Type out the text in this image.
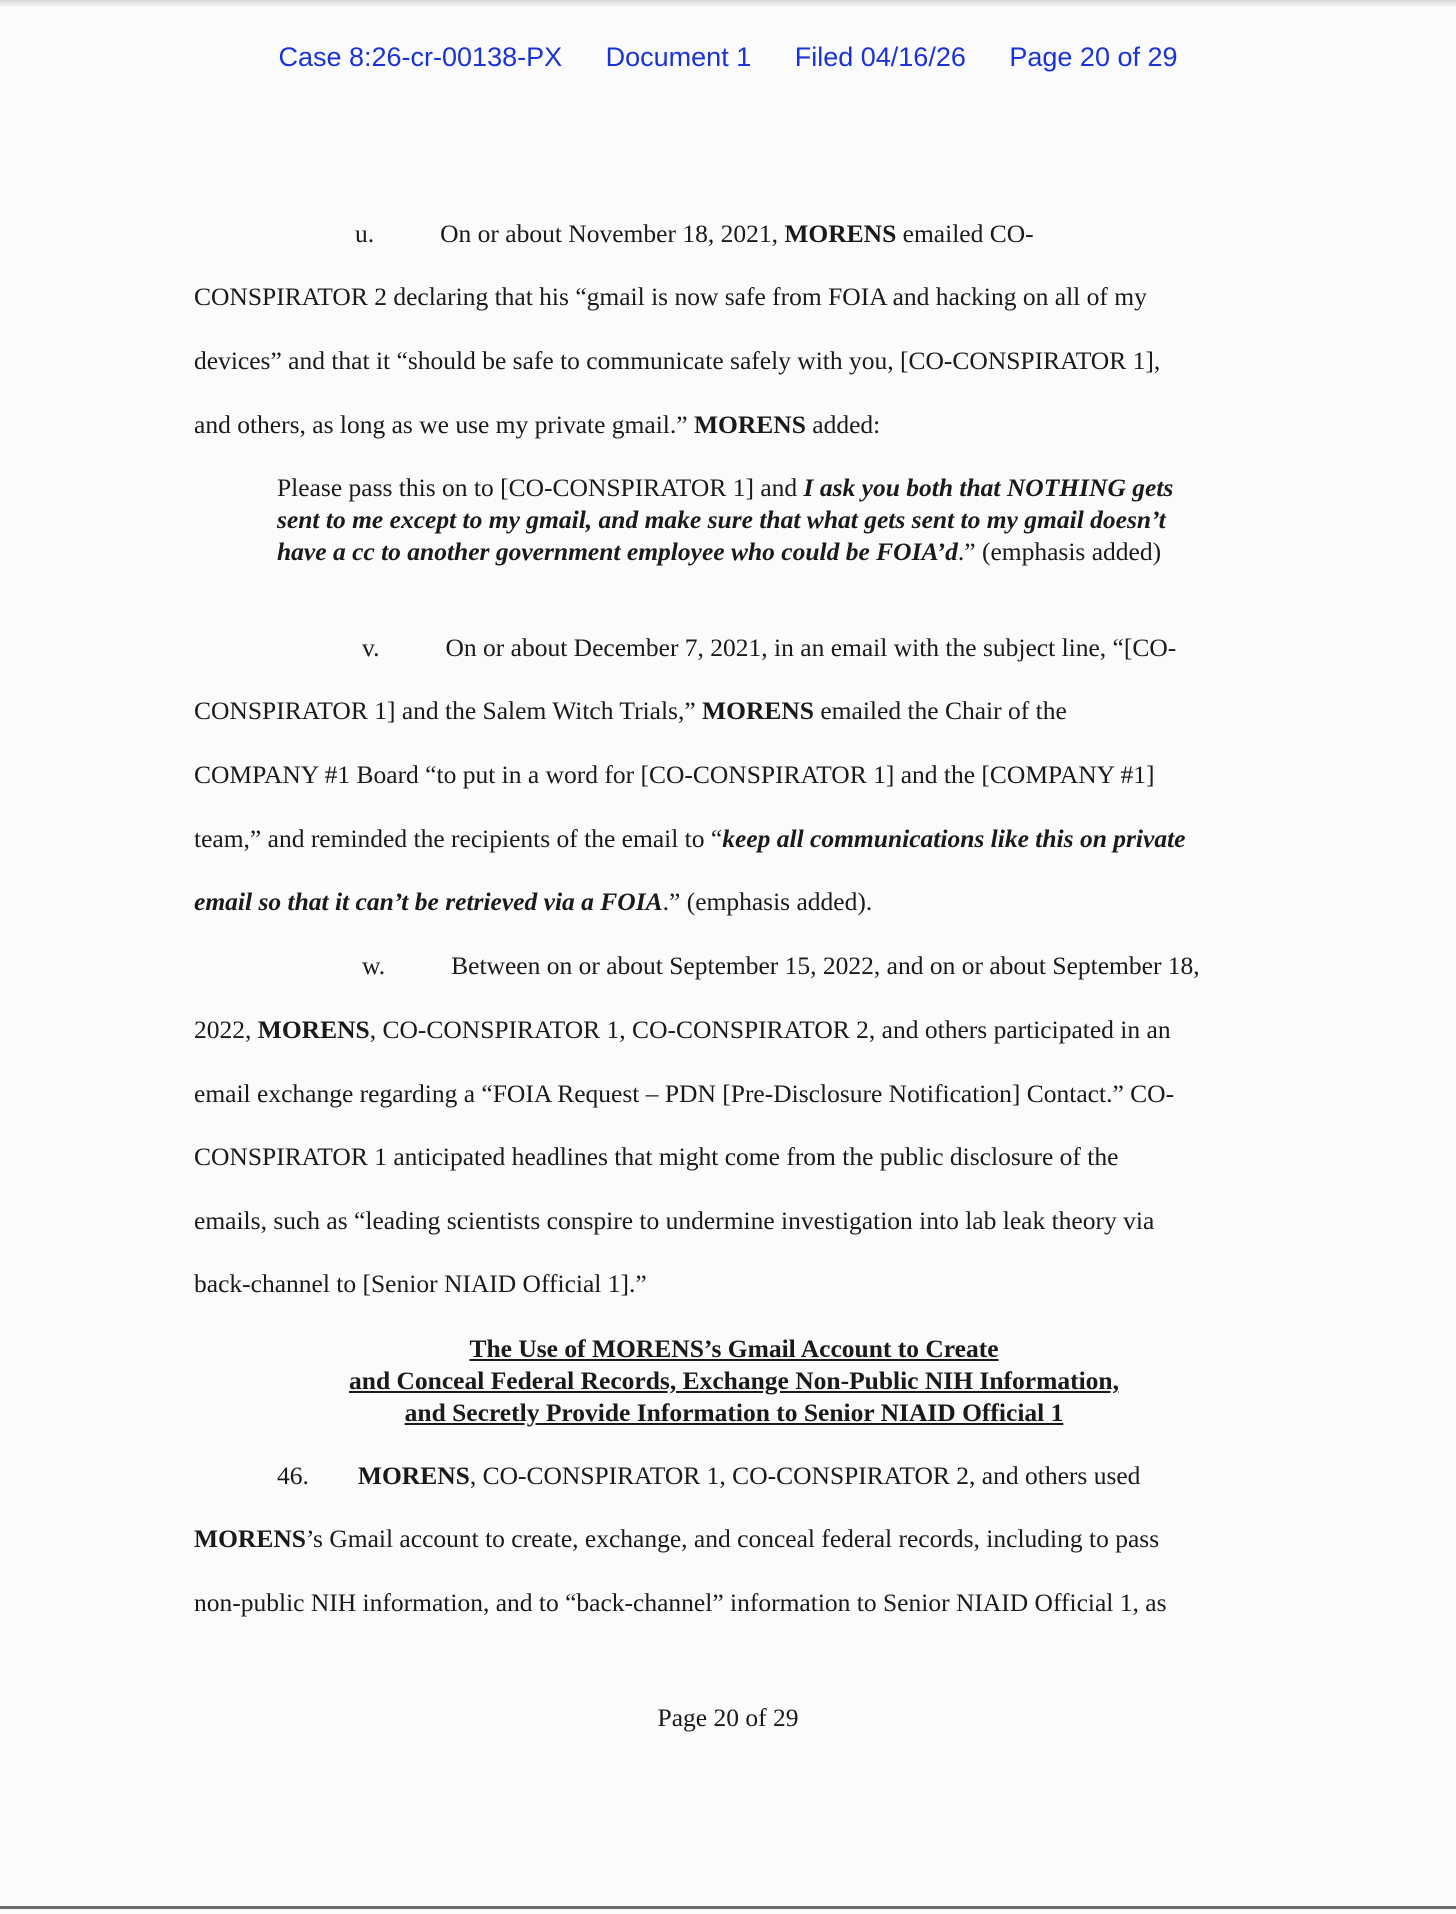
Case 8:26-cr-00138-PX Document 1 Filed 04/16/26 Page 20 of 29
u.	On or about November 18, 2021, MORENS emailed CO-
CONSPIRATOR 2 declaring that his “gmail is now safe from FOIA and hacking on all of my
devices” and that it “should be safe to communicate safely with you, [CO-CONSPIRATOR 1],
and others, as long as we use my private gmail.” MORENS added:
Please pass this on to [CO-CONSPIRATOR 1] and I ask you both that NOTHING gets sent to me except to my gmail, and make sure that what gets sent to my gmail doesn’t have a cc to another government employee who could be FOIA’d.” (emphasis added)
v.	On or about December 7, 2021, in an email with the subject line, “[CO-
CONSPIRATOR 1] and the Salem Witch Trials,” MORENS emailed the Chair of the
COMPANY #1 Board “to put in a word for [CO-CONSPIRATOR 1] and the [COMPANY #1]
team,” and reminded the recipients of the email to “keep all communications like this on private
email so that it can’t be retrieved via a FOIA.” (emphasis added).
w.	Between on or about September 15, 2022, and on or about September 18,
2022, MORENS, CO-CONSPIRATOR 1, CO-CONSPIRATOR 2, and others participated in an
email exchange regarding a “FOIA Request – PDN [Pre-Disclosure Notification] Contact.” CO-
CONSPIRATOR 1 anticipated headlines that might come from the public disclosure of the
emails, such as “leading scientists conspire to undermine investigation into lab leak theory via
back-channel to [Senior NIAID Official 1].”
The Use of MORENS’s Gmail Account to Create
and Conceal Federal Records, Exchange Non-Public NIH Information,
and Secretly Provide Information to Senior NIAID Official 1
46. MORENS, CO-CONSPIRATOR 1, CO-CONSPIRATOR 2, and others used
MORENS’s Gmail account to create, exchange, and conceal federal records, including to pass
non-public NIH information, and to “back-channel” information to Senior NIAID Official 1, as
Page 20 of 29
